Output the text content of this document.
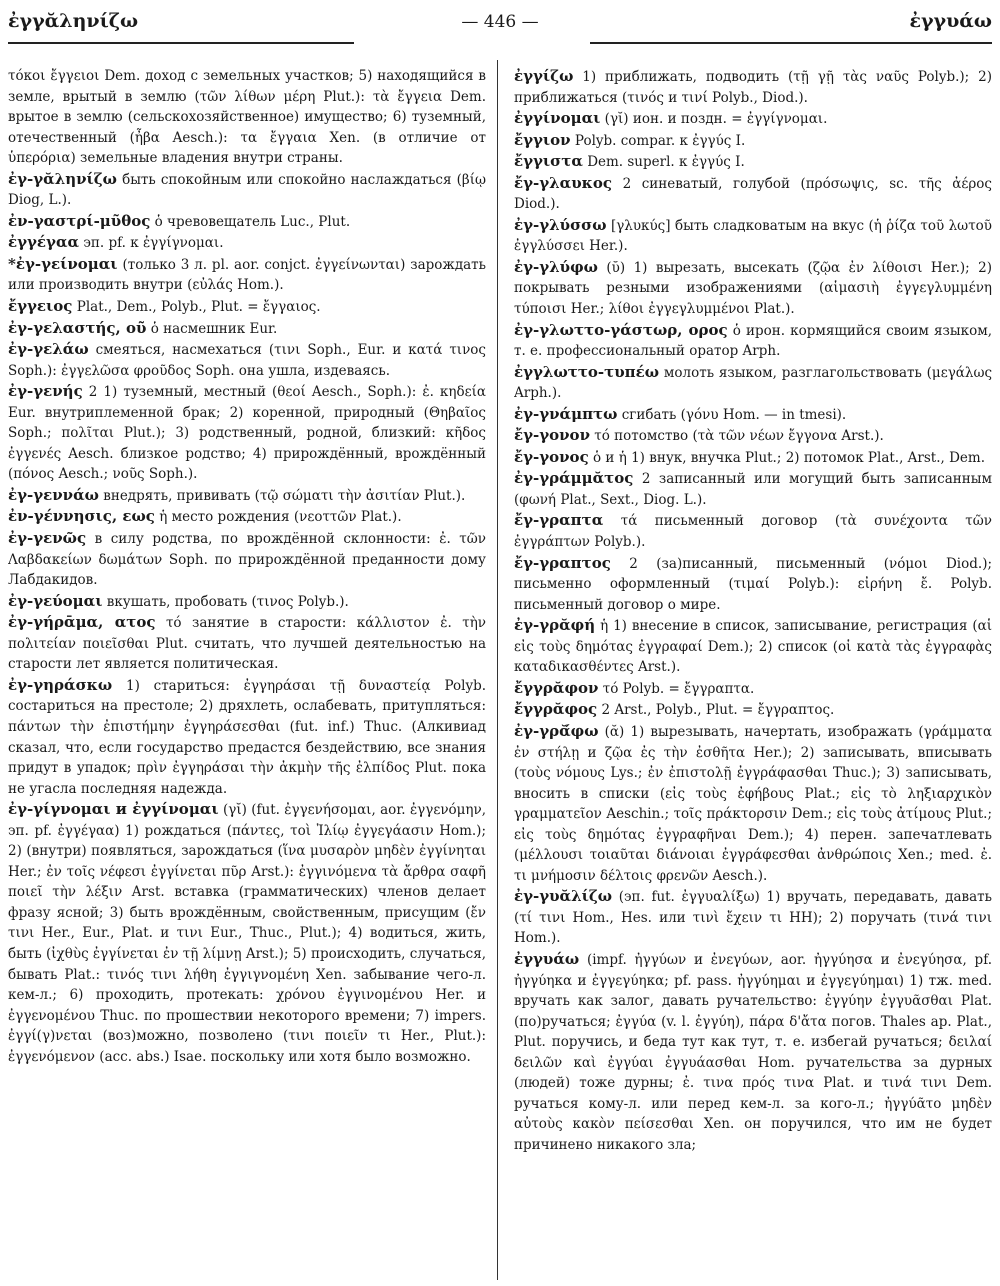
ἐγγᾰληνίζω	— 446 —	ἐγγυάω

τόκοι ἔγγειοι Dem. доход с земельных участков; 5) находящийся в земле, врытый в землю (τῶν λίθων μέρη Plut.): τὰ ἔγγεια Dem. врытое в землю (сельскохозяйственное) имущество; 6) туземный, отечественный (ἦβα Aesch.): τα ἔγγαια Xen. (в отличие от ὑπερόρια) земельные владения внутри страны.

ἐγ-γᾰληνίζω быть спокойным или спокойно наслаждаться (βίῳ Diog, L.).

ἐν-γαστρί-μῦθος ὁ чревовещатель Luc., Plut.

ἐγγέγαα эп. pf. к ἐγγίγνομαι.

*ἐγ-γείνομαι (только 3 л. pl. aor. conjct. ἐγγείνωνται) зарождать или производить внутри (εὐλάς Hom.).

ἔγγειος Plat., Dem., Polyb., Plut. = ἔγγαιος.

ἐγ-γελαστής, οῦ ὁ насмешник Eur.

ἐγ-γελάω смеяться, насмехаться (τινι Soph., Eur. и κατά τινος Soph.): ἐγγελῶσα φροῦδος Soph. она ушла, издеваясь.

ἐγ-γενής 2 1) туземный, местный (θεοί Aesch., Soph.): ἐ. κηδεία Eur. внутриплеменной брак; 2) коренной, природный (Θηβαῖος Soph.; πολῖται Plut.); 3) родственный, родной, близкий: κῆδος ἐγγενές Aesch. близкое родство; 4) прирождённый, врождённый (πόνος Aesch.; νοῦς Soph.).

ἐγ-γεννάω внедрять, прививать (τῷ σώματι τὴν ἀσιτίαν Plut.).

ἐν-γέννησις, εως ἡ место рождения (νεοττῶν Plat.).

ἐγ-γενῶς в силу родства, по врождённой склонности: ἐ. τῶν Λαβδακείων δωμάτων Soph. по прирождённой преданности дому Лабдакидов.

ἐγ-γεύομαι вкушать, пробовать (τινος Polyb.).

ἐγ-γήρᾱμα, ατος τό занятие в старости: κάλλιστον ἐ. τὴν πολιτείαν ποιεῖσθαι Plut. считать, что лучшей деятельностью на старости лет является политическая.

ἐγ-γηράσκω 1) стариться: ἐγγηράσαι τῇ δυναστείᾳ Polyb. состариться на престоле; 2) дряхлеть, ослабевать, притупляться: πάντων τὴν ἐπιστήμην ἐγγηράσεσθαι (fut. inf.) Thuc. (Алкивиад сказал, что, если государство предастся бездействию, все знания придут в упадок; πρὶν ἐγγηράσαι τὴν ἀκμὴν τῆς ἐλπίδος Plut. пока не угасла последняя надежда.

ἐγ-γίγνομαι и ἐγγίνομαι (γῐ) (fut. ἐγγενήσομαι, aor. ἐγγενόμην, эп. pf. ἐγγέγαα) 1) рождаться (πάντες, τοὶ Ἰλίῳ ἐγγεγάασιν Hom.); 2) (внутри) появляться, зарождаться (ἵνα μυσαρὸν μηδὲν ἐγγίνηται Her.; ἐν τοῖς νέφεσι ἐγγίνεται πῦρ Arst.): ἐγγινόμενα τὰ ἄρθρα σαφῆ ποιεῖ τὴν λέξιν Arst. вставка (грамматических) членов делает фразу ясной; 3) быть врождённым, свойственным, присущим (ἔν τινι Her., Eur., Plat. и τινι Eur., Thuc., Plut.); 4) водиться, жить, быть (ἰχθὺς ἐγγίνεται ἐν τῇ λίμνῃ Arst.); 5) происходить, случаться, бывать Plat.: τινός τινι λήθη ἐγγιγνομένη Xen. забывание чего-л. кем-л.; 6) проходить, протекать: χρόνου ἐγγινομένου Her. и ἐγγενομένου Thuc. по прошествии некоторого времени; 7) impers. ἐγγί(γ)νεται (воз)можно, позволено (τινι ποιεῖν τι Her., Plut.): ἐγγενόμενον (acc. abs.) Isae. поскольку или хотя было возможно.

ἐγγίζω 1) приближать, подводить (τῇ γῇ τὰς ναῦς Polyb.); 2) приближаться (τινός и τινί Polyb., Diod.).

ἐγγίνομαι (γῐ) ион. и поздн. = ἐγγίγνομαι.

ἔγγιον Polyb. compar. к ἐγγύς I.

ἔγγιστα Dem. superl. к ἐγγύς I.

ἔγ-γλαυκος 2 синеватый, голубой (πρόσωψις, sc. τῆς ἀέρος Diod.).

ἐγ-γλύσσω [γλυκύς] быть сладковатым на вкус (ἡ ῥίζα τοῦ λωτοῦ ἐγγλύσσει Her.).

ἐγ-γλύφω (ῠ) 1) вырезать, высекать (ζῷα ἐν λίθοισι Her.); 2) покрывать резными изображениями (αἱμασιὴ ἐγγεγλυμμένη τύποισι Her.; λίθοι ἐγγεγλυμμένοι Plat.).

ἐγ-γλωττο-γάστωρ, ορος ὁ ирон. кормящийся своим языком, т. е. профессиональный оратор Arph.

ἐγγλωττο-τυπέω молоть языком, разглагольствовать (μεγάλως Arph.).

ἐγ-γνάμπτω сгибать (γόνυ Hom. — in tmesi).

ἔγ-γονον τό потомство (τὰ τῶν νέων ἔγγονα Arst.).

ἔγ-γονος ὁ и ἡ 1) внук, внучка Plut.; 2) потомок Plat., Arst., Dem.

ἐγ-γράμμᾰτος 2 записанный или могущий быть записанным (φωνή Plat., Sext., Diog. L.).

ἔγ-γραπτα τά письменный договор (τὰ συνέχοντα τῶν ἐγγράπτων Polyb.).

ἔγ-γραπτος 2 (за)писанный, письменный (νόμοι Diod.); письменно оформленный (τιμαί Polyb.): εἰρήνη ἔ. Polyb. письменный договор о мире.

ἐγ-γρᾰφή ἡ 1) внесение в список, записывание, регистрация (αἱ εἰς τοὺς δημότας ἐγγραφαί Dem.); 2) список (οἱ κατὰ τὰς ἐγγραφὰς καταδικασθέντες Arst.).

ἔγγρᾰφον τό Polyb. = ἔγγραπτα.

ἔγγρᾰφος 2 Arst., Polyb., Plut. = ἔγγραπτος.

ἐγ-γρᾰ́φω (ᾰ) 1) вырезывать, начертать, изображать (γράμματα ἐν στήλῃ и ζῷα ἐς τὴν ἐσθῆτα Her.); 2) записывать, вписывать (τοὺς νόμους Lys.; ἐν ἐπιστολῇ ἐγγράφασθαι Thuc.); 3) записывать, вносить в списки (εἰς τοὺς ἐφήβους Plat.; εἰς τὸ ληξιαρχικὸν γραμματεῖον Aeschin.; τοῖς πράκτορσιν Dem.; εἰς τοὺς ἀτίμους Plut.; εἰς τοὺς δημότας ἐγγραφῆναι Dem.); 4) перен. запечатлевать (μέλλουσι τοιαῦται διάνοιαι ἐγγράφεσθαι ἀνθρώποις Xen.; med. ἐ. τι μνήμοσιν δέλτοις φρενῶν Aesch.).

ἐγ-γυᾰλίζω (эп. fut. ἐγγυαλίξω) 1) вручать, передавать, давать (τί τινι Hom., Hes. или τινὶ ἔχειν τι HH); 2) поручать (τινά τινι Hom.).

ἐγγυάω (impf. ἠγγύων и ἐνεγύων, aor. ἠγγύησα и ἐνεγύησα, pf. ἠγγύηκα и ἐγγεγύηκα; pf. pass. ἠγγύημαι и ἐγγεγύημαι) 1) тж. med. вручать как залог, давать ручательство: ἐγγύην ἐγγυᾶσθαι Plat. (по)ручаться; ἐγγύα (v. l. ἐγγύη), πάρα δ'ἄτα погов. Thales ap. Plat., Plut. поручись, и беда тут как тут, т. е. избегай ручаться; δειλαί δειλῶν καὶ ἐγγύαι ἐγγυάασθαι Hom. ручательства за дурных (людей) тоже дурны; ἐ. τινα πρός τινα Plat. и τινά τινι Dem. ручаться кому-л. или перед кем-л. за кого-л.; ἠγγύᾶτο μηδὲν αὐτοὺς κακὸν πείσεσθαι Xen. он поручился, что им не будет причинено никакого зла;
